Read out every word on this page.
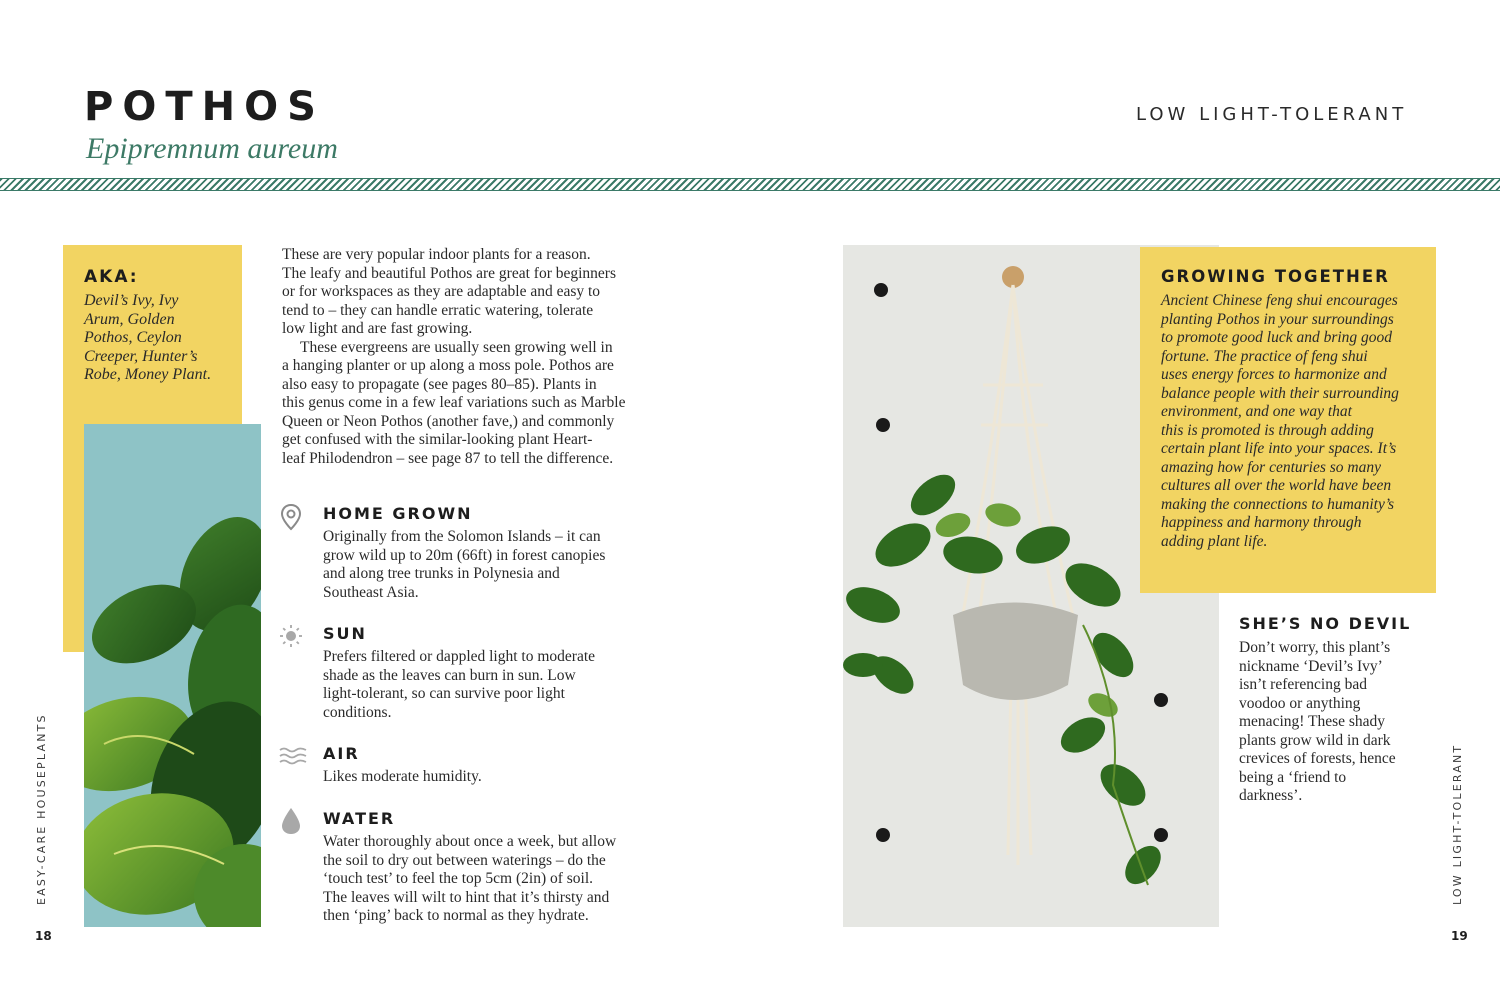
POTHOS
Epipremnum aureum
LOW LIGHT-TOLERANT
AKA:
Devil’s Ivy, Ivy
Arum, Golden
Pothos, Ceylon
Creeper, Hunter’s
Robe, Money Plant.

These are very popular indoor plants for a reason.
The leafy and beautiful Pothos are great for beginners
or for workspaces as they are adaptable and easy to
tend to – they can handle erratic watering, tolerate
low light and are fast growing.

These evergreens are usually seen growing well in
a hanging planter or up along a moss pole. Pothos are
also easy to propagate (see pages 80–85). Plants in
this genus come in a few leaf variations such as Marble
Queen or Neon Pothos (another fave,) and commonly
get confused with the similar-looking plant Heart-
leaf Philodendron – see page 87 to tell the difference.

HOME GROWN
Originally from the Solomon Islands – it can
grow wild up to 20m (66ft) in forest canopies
and along tree trunks in Polynesia and
Southeast Asia.
SUN
Prefers filtered or dappled light to moderate
shade as the leaves can burn in sun. Low
light-tolerant, so can survive poor light
conditions.
AIR
Likes moderate humidity.
WATER
Water thoroughly about once a week, but allow
the soil to dry out between waterings – do the
‘touch test’ to feel the top 5cm (2in) of soil.
The leaves will wilt to hint that it’s thirsty and
then ‘ping’ back to normal as they hydrate.
GROWING TOGETHER
Ancient Chinese feng shui encourages
planting Pothos in your surroundings
to promote good luck and bring good
fortune. The practice of feng shui
uses energy forces to harmonize and
balance people with their surrounding
environment, and one way that
this is promoted is through adding
certain plant life into your spaces. It’s
amazing how for centuries so many
cultures all over the world have been
making the connections to humanity’s
happiness and harmony through
adding plant life.
SHE’S NO DEVIL
Don’t worry, this plant’s
nickname ‘Devil’s Ivy’
isn’t referencing bad
voodoo or anything
menacing! These shady
plants grow wild in dark
crevices of forests, hence
being a ‘friend to
darkness’.
EASY-CARE HOUSEPLANTS	LOW LIGHT-TOLERANT
18	19
